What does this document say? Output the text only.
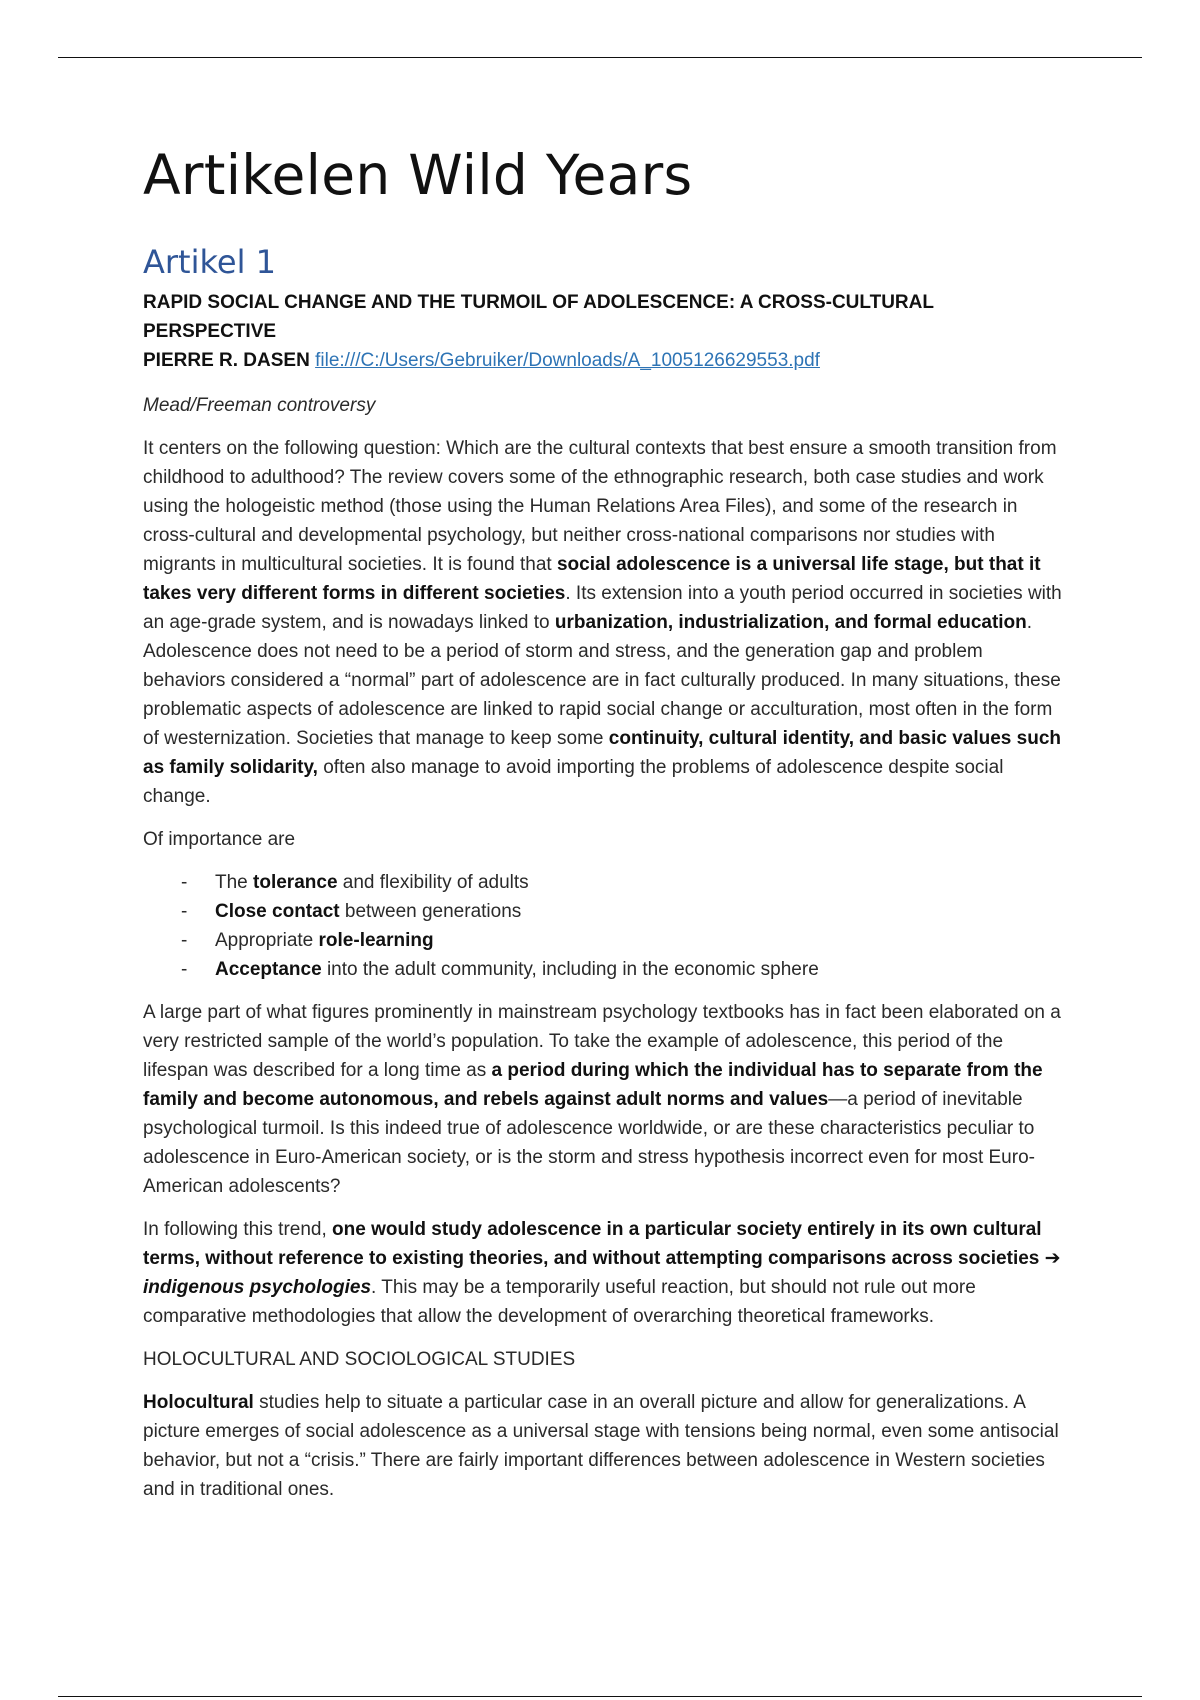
Artikelen Wild Years
Artikel 1
RAPID SOCIAL CHANGE AND THE TURMOIL OF ADOLESCENCE: A CROSS-CULTURAL PERSPECTIVE
PIERRE R. DASEN file:///C:/Users/Gebruiker/Downloads/A_1005126629553.pdf

Mead/Freeman controversy

It centers on the following question: Which are the cultural contexts that best ensure a smooth transition from childhood to adulthood? The review covers some of the ethnographic research, both case studies and work using the hologeistic method (those using the Human Relations Area Files), and some of the research in cross-cultural and developmental psychology, but neither cross-national comparisons nor studies with migrants in multicultural societies. It is found that social adolescence is a universal life stage, but that it takes very different forms in different societies. Its extension into a youth period occurred in societies with an age-grade system, and is nowadays linked to urbanization, industrialization, and formal education. Adolescence does not need to be a period of storm and stress, and the generation gap and problem behaviors considered a “normal” part of adolescence are in fact culturally produced. In many situations, these problematic aspects of adolescence are linked to rapid social change or acculturation, most often in the form of westernization. Societies that manage to keep some continuity, cultural identity, and basic values such as family solidarity, often also manage to avoid importing the problems of adolescence despite social change.

Of importance are

- The tolerance and flexibility of adults
- Close contact between generations
- Appropriate role-learning
- Acceptance into the adult community, including in the economic sphere

A large part of what figures prominently in mainstream psychology textbooks has in fact been elaborated on a very restricted sample of the world’s population. To take the example of adolescence, this period of the lifespan was described for a long time as a period during which the individual has to separate from the family and become autonomous, and rebels against adult norms and values—a period of inevitable psychological turmoil. Is this indeed true of adolescence worldwide, or are these characteristics peculiar to adolescence in Euro-American society, or is the storm and stress hypothesis incorrect even for most Euro-American adolescents?

In following this trend, one would study adolescence in a particular society entirely in its own cultural terms, without reference to existing theories, and without attempting comparisons across societies ➔ indigenous psychologies. This may be a temporarily useful reaction, but should not rule out more comparative methodologies that allow the development of overarching theoretical frameworks.

HOLOCULTURAL AND SOCIOLOGICAL STUDIES

Holocultural studies help to situate a particular case in an overall picture and allow for generalizations. A picture emerges of social adolescence as a universal stage with tensions being normal, even some antisocial behavior, but not a “crisis.” There are fairly important differences between adolescence in Western societies and in traditional ones.
